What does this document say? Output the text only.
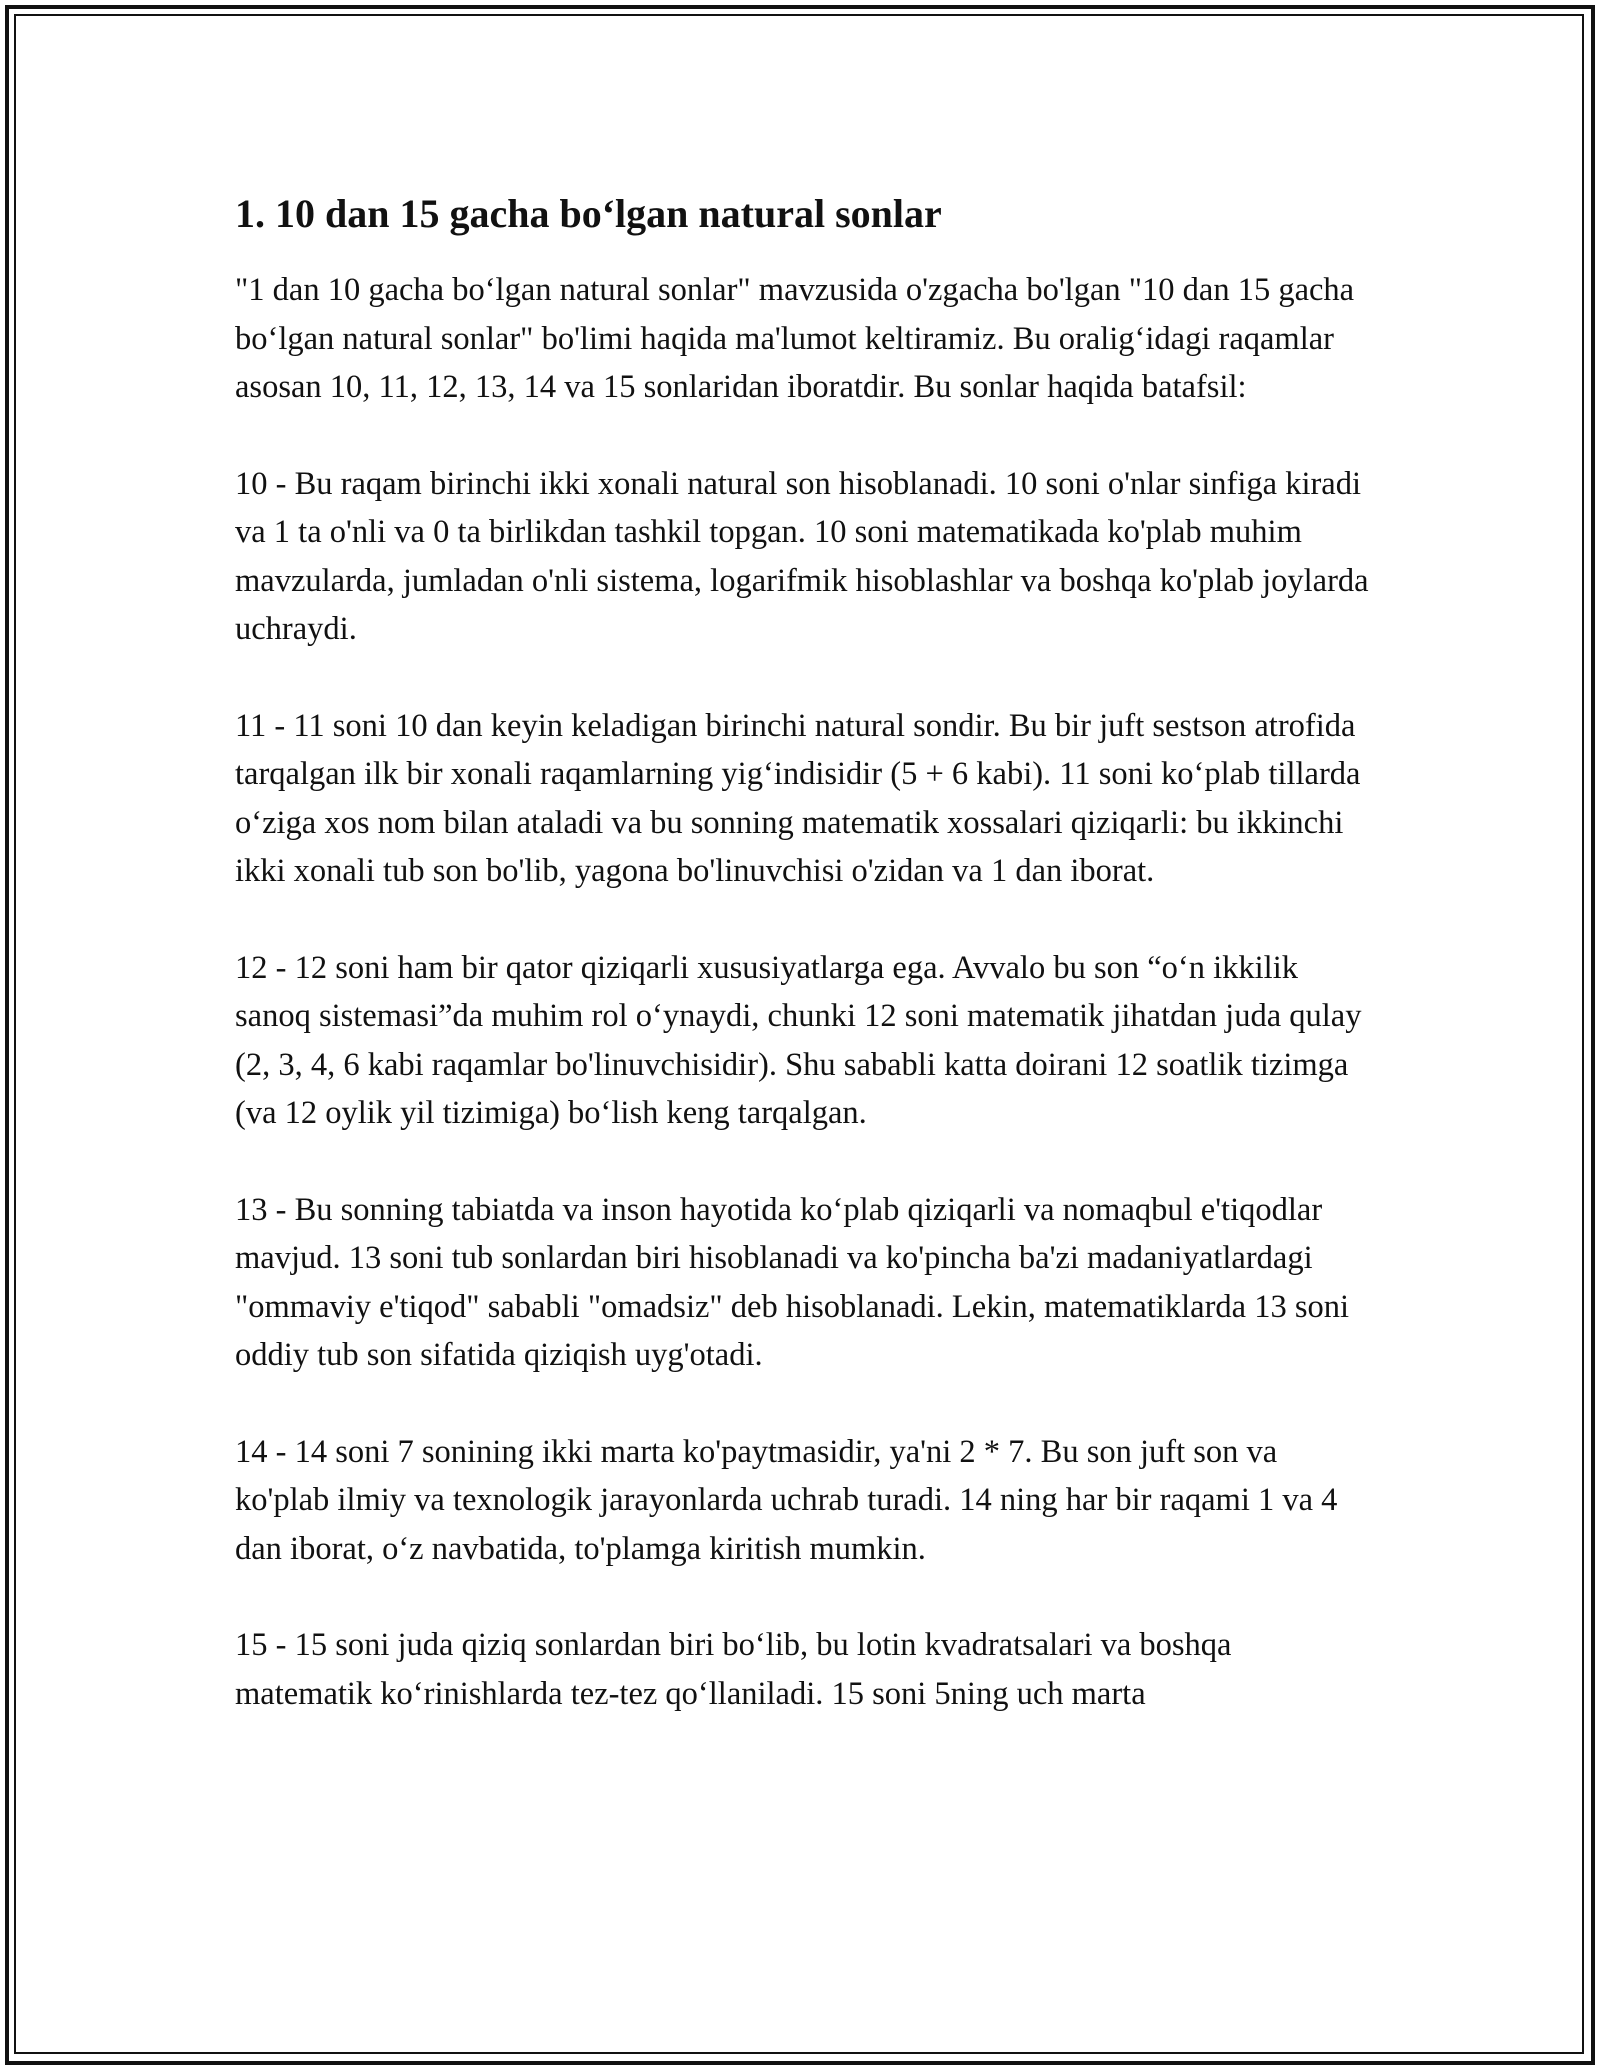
1. 10 dan 15 gacha bo‘lgan natural sonlar

"1 dan 10 gacha bo‘lgan natural sonlar" mavzusida o'zgacha bo'lgan "10 dan 15 gacha bo‘lgan natural sonlar" bo'limi haqida ma'lumot keltiramiz. Bu oralig‘idagi raqamlar asosan 10, 11, 12, 13, 14 va 15 sonlaridan iboratdir. Bu sonlar haqida batafsil:

10 - Bu raqam birinchi ikki xonali natural son hisoblanadi. 10 soni o'nlar sinfiga kiradi va 1 ta o'nli va 0 ta birlikdan tashkil topgan. 10 soni matematikada ko'plab muhim mavzularda, jumladan o'nli sistema, logarifmik hisoblashlar va boshqa ko'plab joylarda uchraydi.

11 - 11 soni 10 dan keyin keladigan birinchi natural sondir. Bu bir juft sestson atrofida tarqalgan ilk bir xonali raqamlarning yig‘indisidir (5 + 6 kabi). 11 soni ko‘plab tillarda o‘ziga xos nom bilan ataladi va bu sonning matematik xossalari qiziqarli: bu ikkinchi ikki xonali tub son bo'lib, yagona bo'linuvchisi o'zidan va 1 dan iborat.

12 - 12 soni ham bir qator qiziqarli xususiyatlarga ega. Avvalo bu son “o‘n ikkilik sanoq sistemasi”da muhim rol o‘ynaydi, chunki 12 soni matematik jihatdan juda qulay (2, 3, 4, 6 kabi raqamlar bo'linuvchisidir). Shu sababli katta doirani 12 soatlik tizimga (va 12 oylik yil tizimiga) bo‘lish keng tarqalgan.

13 - Bu sonning tabiatda va inson hayotida ko‘plab qiziqarli va nomaqbul e'tiqodlar mavjud. 13 soni tub sonlardan biri hisoblanadi va ko'pincha ba'zi madaniyatlardagi "ommaviy e'tiqod" sababli "omadsiz" deb hisoblanadi. Lekin, matematiklarda 13 soni oddiy tub son sifatida qiziqish uyg'otadi.

14 - 14 soni 7 sonining ikki marta ko'paytmasidir, ya'ni 2 * 7. Bu son juft son va ko'plab ilmiy va texnologik jarayonlarda uchrab turadi. 14 ning har bir raqami 1 va 4 dan iborat, o‘z navbatida, to'plamga kiritish mumkin.

15 - 15 soni juda qiziq sonlardan biri bo‘lib, bu lotin kvadratsalari va boshqa matematik ko‘rinishlarda tez-tez qo‘llaniladi. 15 soni 5ning uch marta
